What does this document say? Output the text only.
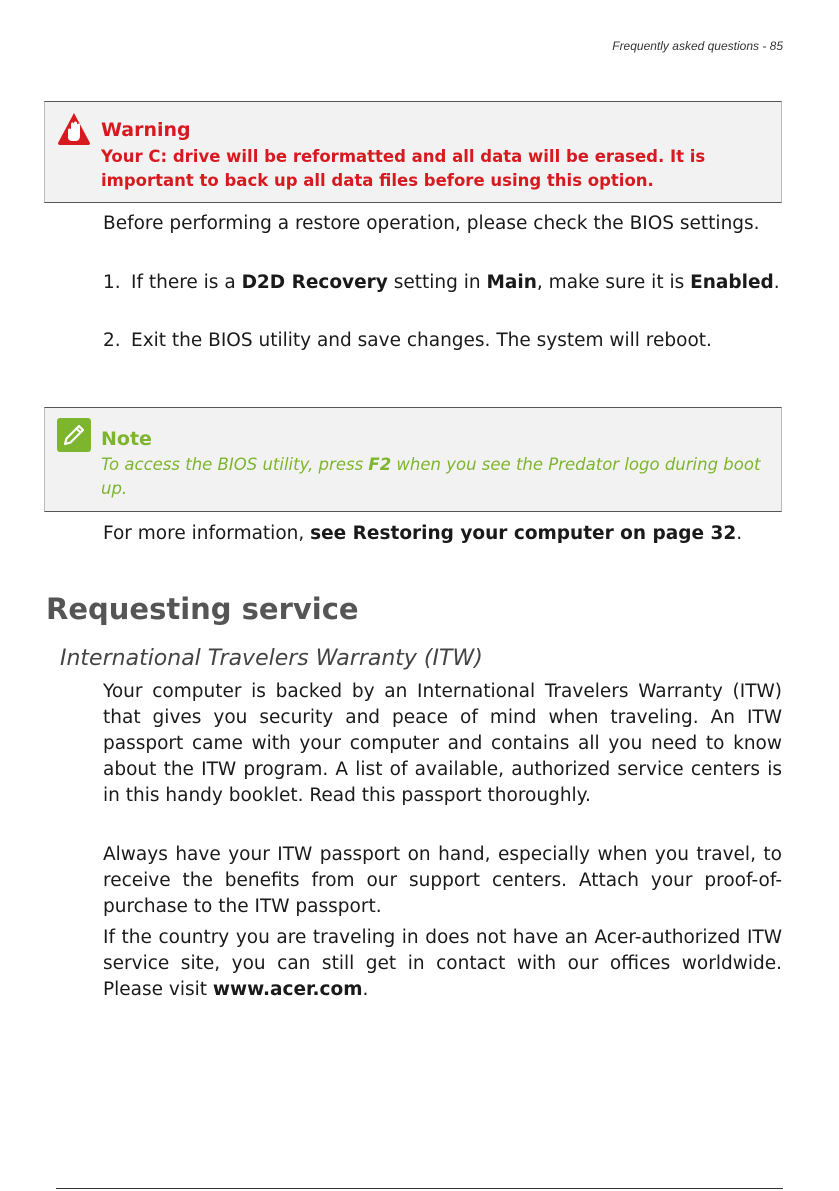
Frequently asked questions - 85
Warning
Your C: drive will be reformatted and all data will be erased. It is important to back up all data files before using this option.
Before performing a restore operation, please check the BIOS settings.
1. If there is a D2D Recovery setting in Main, make sure it is Enabled.
2. Exit the BIOS utility and save changes. The system will reboot.
Note
To access the BIOS utility, press F2 when you see the Predator logo during boot up.
For more information, see Restoring your computer on page 32.
Requesting service
International Travelers Warranty (ITW)
Your computer is backed by an International Travelers Warranty (ITW) that gives you security and peace of mind when traveling. An ITW passport came with your computer and contains all you need to know about the ITW program. A list of available, authorized service centers is in this handy booklet. Read this passport thoroughly.
Always have your ITW passport on hand, especially when you travel, to receive the benefits from our support centers. Attach your proof-of-purchase to the ITW passport.
If the country you are traveling in does not have an Acer-authorized ITW service site, you can still get in contact with our offices worldwide. Please visit www.acer.com.
